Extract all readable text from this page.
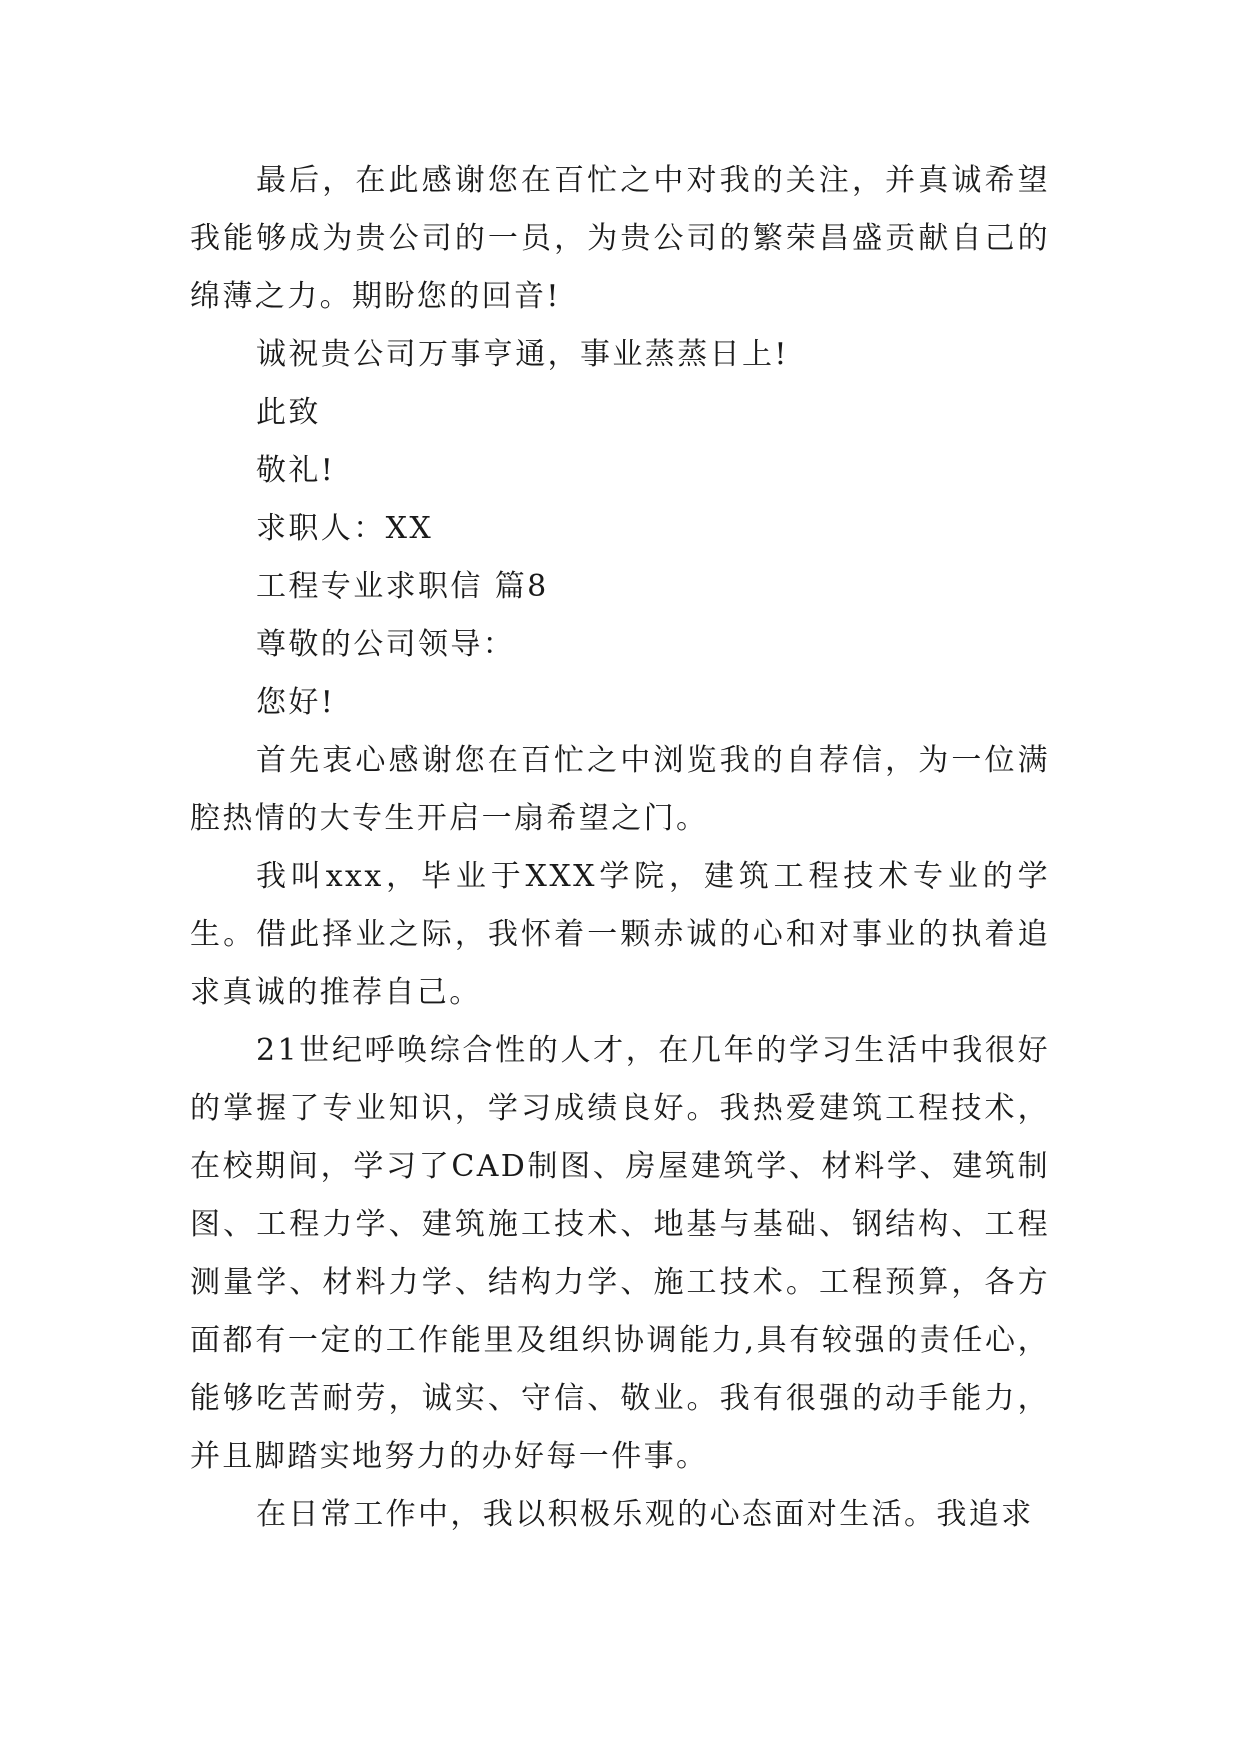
最后，在此感谢您在百忙之中对我的关注，并真诚希望我能够成为贵公司的一员，为贵公司的繁荣昌盛贡献自己的绵薄之力。期盼您的回音!

诚祝贵公司万事亨通，事业蒸蒸日上!

此致

敬礼!

求职人：XX

工程专业求职信 篇8

尊敬的公司领导：

您好!

首先衷心感谢您在百忙之中浏览我的自荐信，为一位满腔热情的大专生开启一扇希望之门。

我叫xxx，毕业于XXX学院，建筑工程技术专业的学生。借此择业之际，我怀着一颗赤诚的心和对事业的执着追求真诚的推荐自己。

21世纪呼唤综合性的人才，在几年的学习生活中我很好的掌握了专业知识，学习成绩良好。我热爱建筑工程技术，在校期间，学习了CAD制图、房屋建筑学、材料学、建筑制图、工程力学、建筑施工技术、地基与基础、钢结构、工程测量学、材料力学、结构力学、施工技术。工程预算，各方面都有一定的工作能里及组织协调能力,具有较强的责任心，能够吃苦耐劳，诚实、守信、敬业。我有很强的动手能力，并且脚踏实地努力的办好每一件事。

在日常工作中，我以积极乐观的心态面对生活。我追求
